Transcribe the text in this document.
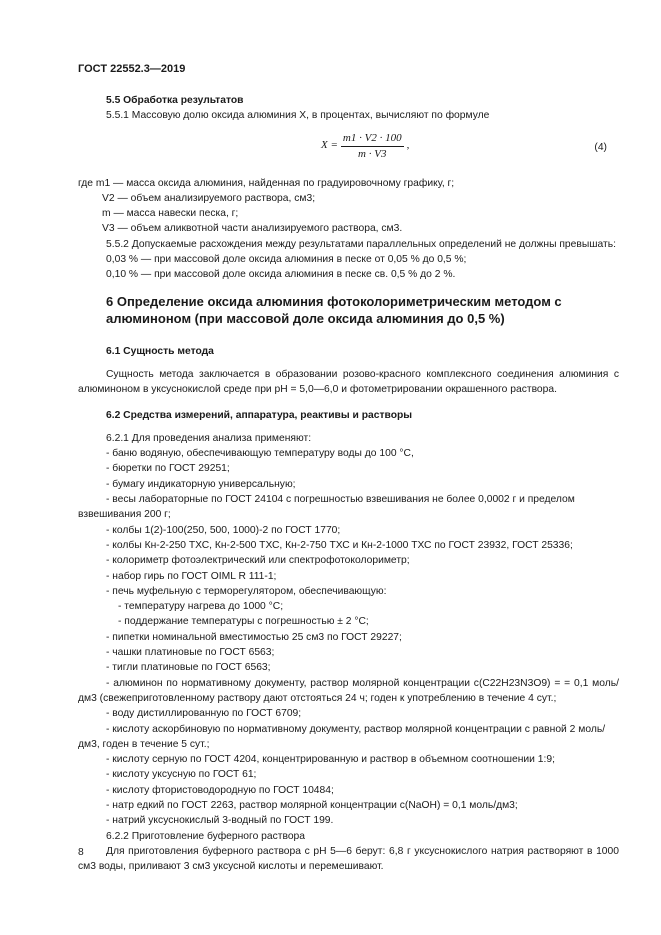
ГОСТ 22552.3—2019

5.5 Обработка результатов

5.5.1 Массовую долю оксида алюминия X, в процентах, вычисляют по формуле

$X = \frac{m1 \cdot V2 \cdot 100}{m \cdot V3}$ ,	(4)

где m1 — масса оксида алюминия, найденная по градуировочному графику, г;

V2 — объем анализируемого раствора, см3;

m — масса навески песка, г;

V3 — объем аликвотной части анализируемого раствора, см3.

5.5.2 Допускаемые расхождения между результатами параллельных определений не должны превышать:

0,03 % — при массовой доле оксида алюминия в песке от 0,05 % до 0,5 %;

0,10 % — при массовой доле оксида алюминия в песке св. 0,5 % до 2 %.

6 Определение оксида алюминия фотоколориметрическим методом с алюминоном (при массовой доле оксида алюминия до 0,5 %)

6.1 Сущность метода

Сущность метода заключается в образовании розово-красного комплексного соединения алюминия с алюминоном в уксуснокислой среде при pH = 5,0—6,0 и фотометрировании окрашенного раствора.

6.2 Средства измерений, аппаратура, реактивы и растворы

6.2.1 Для проведения анализа применяют:

- баню водяную, обеспечивающую температуру воды до 100 °С,

- бюретки по ГОСТ 29251;

- бумагу индикаторную универсальную;

- весы лабораторные по ГОСТ 24104 с погрешностью взвешивания не более 0,0002 г и пределом взвешивания 200 г;

- колбы 1(2)-100(250, 500, 1000)-2 по ГОСТ 1770;

- колбы Кн-2-250 ТХС, Кн-2-500 ТХС, Кн-2-750 ТХС и Кн-2-1000 ТХС по ГОСТ 23932, ГОСТ 25336;

- колориметр фотоэлектрический или спектрофотоколориметр;

- набор гирь по ГОСТ OIML R 111-1;

- печь муфельную с терморегулятором, обеспечивающую:

- температуру нагрева до 1000 °С;

- поддержание температуры с погрешностью ± 2 °С;

- пипетки номинальной вместимостью 25 см3 по ГОСТ 29227;

- чашки платиновые по ГОСТ 6563;

- тигли платиновые по ГОСТ 6563;

- алюминон по нормативному документу, раствор молярной концентрации c(C22H23N3O9) = = 0,1 моль/дм3 (свежеприготовленному раствору дают отстояться 24 ч; годен к употреблению в течение 4 сут.;

- воду дистиллированную по ГОСТ 6709;

- кислоту аскорбиновую по нормативному документу, раствор молярной концентрации c равной 2 моль/дм3, годен в течение 5 сут.;

- кислоту серную по ГОСТ 4204, концентрированную и раствор в объемном соотношении 1:9;

- кислоту уксусную по ГОСТ 61;

- кислоту фтористоводородную по ГОСТ 10484;

- натр едкий по ГОСТ 2263, раствор молярной концентрации c(NaOH) = 0,1 моль/дм3;

- натрий уксуснокислый 3-водный по ГОСТ 199.

6.2.2 Приготовление буферного раствора

Для приготовления буферного раствора с pH 5—6 берут: 6,8 г уксуснокислого натрия растворяют в 1000 см3 воды, приливают 3 см3 уксусной кислоты и перемешивают.

8
